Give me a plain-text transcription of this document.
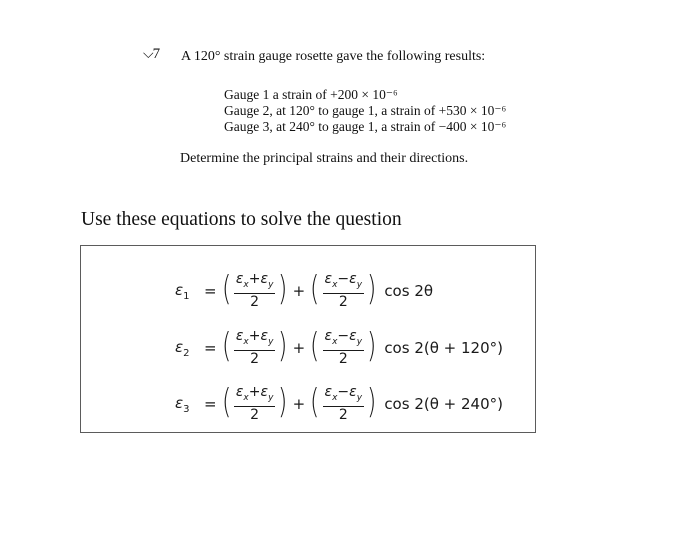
⌵7 A 120° strain gauge rosette gave the following results:
Gauge 1 a strain of +200 × 10⁻⁶
Gauge 2, at 120° to gauge 1, a strain of +530 × 10⁻⁶
Gauge 3, at 240° to gauge 1, a strain of −400 × 10⁻⁶
Determine the principal strains and their directions.
Use these equations to solve the question
$\varepsilon_1$ = ( $\frac{\varepsilon_x+\varepsilon_y}{2}$ ) + ( $\frac{\varepsilon_x-\varepsilon_y}{2}$ ) cos 2θ
$\varepsilon_2$ = ( $\frac{\varepsilon_x+\varepsilon_y}{2}$ ) + ( $\frac{\varepsilon_x-\varepsilon_y}{2}$ ) cos 2(θ + 120°)
$\varepsilon_3$ = ( $\frac{\varepsilon_x+\varepsilon_y}{2}$ ) + ( $\frac{\varepsilon_x-\varepsilon_y}{2}$ ) cos 2(θ + 240°)
